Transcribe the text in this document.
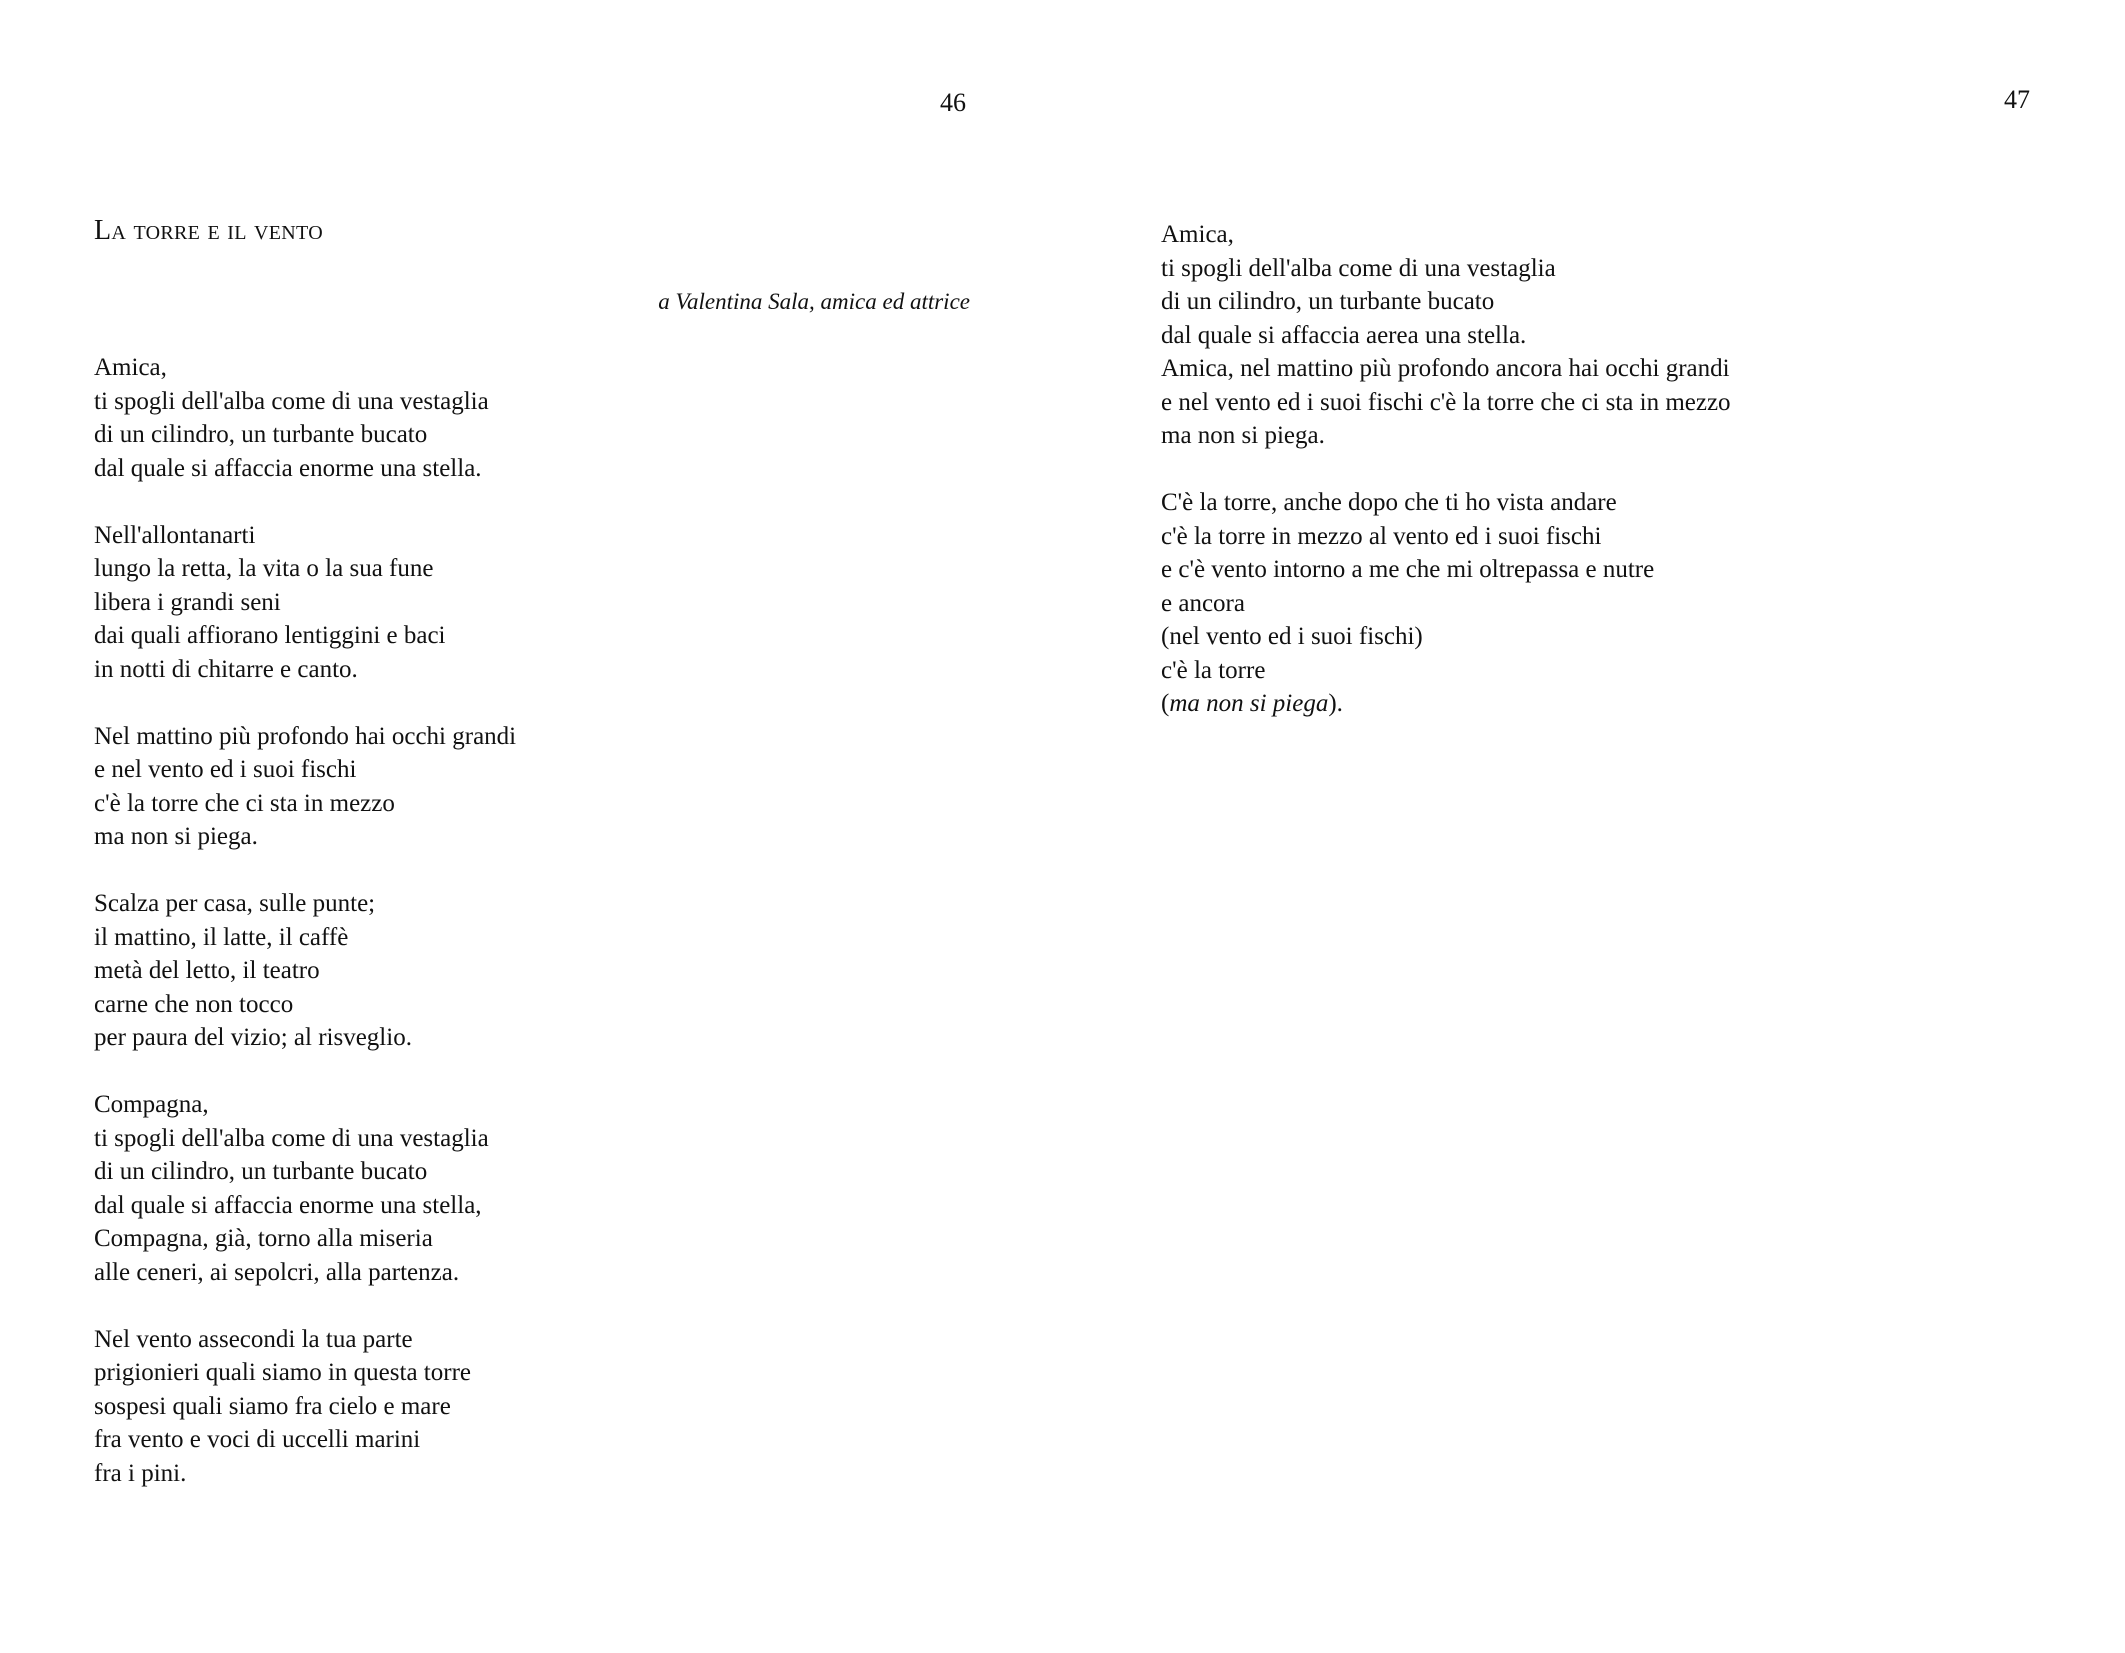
46	47
La torre e il vento

a Valentina Sala, amica ed attrice

Amica,
ti spogli dell'alba come di una vestaglia
di un cilindro, un turbante bucato
dal quale si affaccia enorme una stella.
Nell'allontanarti
lungo la retta, la vita o la sua fune
libera i grandi seni
dai quali affiorano lentiggini e baci
in notti di chitarre e canto.
Nel mattino più profondo hai occhi grandi
e nel vento ed i suoi fischi
c'è la torre che ci sta in mezzo
ma non si piega.
Scalza per casa, sulle punte;
il mattino, il latte, il caffè
metà del letto, il teatro
carne che non tocco
per paura del vizio; al risveglio.
Compagna,
ti spogli dell'alba come di una vestaglia
di un cilindro, un turbante bucato
dal quale si affaccia enorme una stella,
Compagna, già, torno alla miseria
alle ceneri, ai sepolcri, alla partenza.
Nel vento assecondi la tua parte
prigionieri quali siamo in questa torre
sospesi quali siamo fra cielo e mare
fra vento e voci di uccelli marini
fra i pini.
Amica,
ti spogli dell'alba come di una vestaglia
di un cilindro, un turbante bucato
dal quale si affaccia aerea una stella.
Amica, nel mattino più profondo ancora hai occhi grandi
e nel vento ed i suoi fischi c'è la torre che ci sta in mezzo
ma non si piega.
C'è la torre, anche dopo che ti ho vista andare
c'è la torre in mezzo al vento ed i suoi fischi
e c'è vento intorno a me che mi oltrepassa e nutre
e ancora
(nel vento ed i suoi fischi)
c'è la torre
(ma non si piega).
